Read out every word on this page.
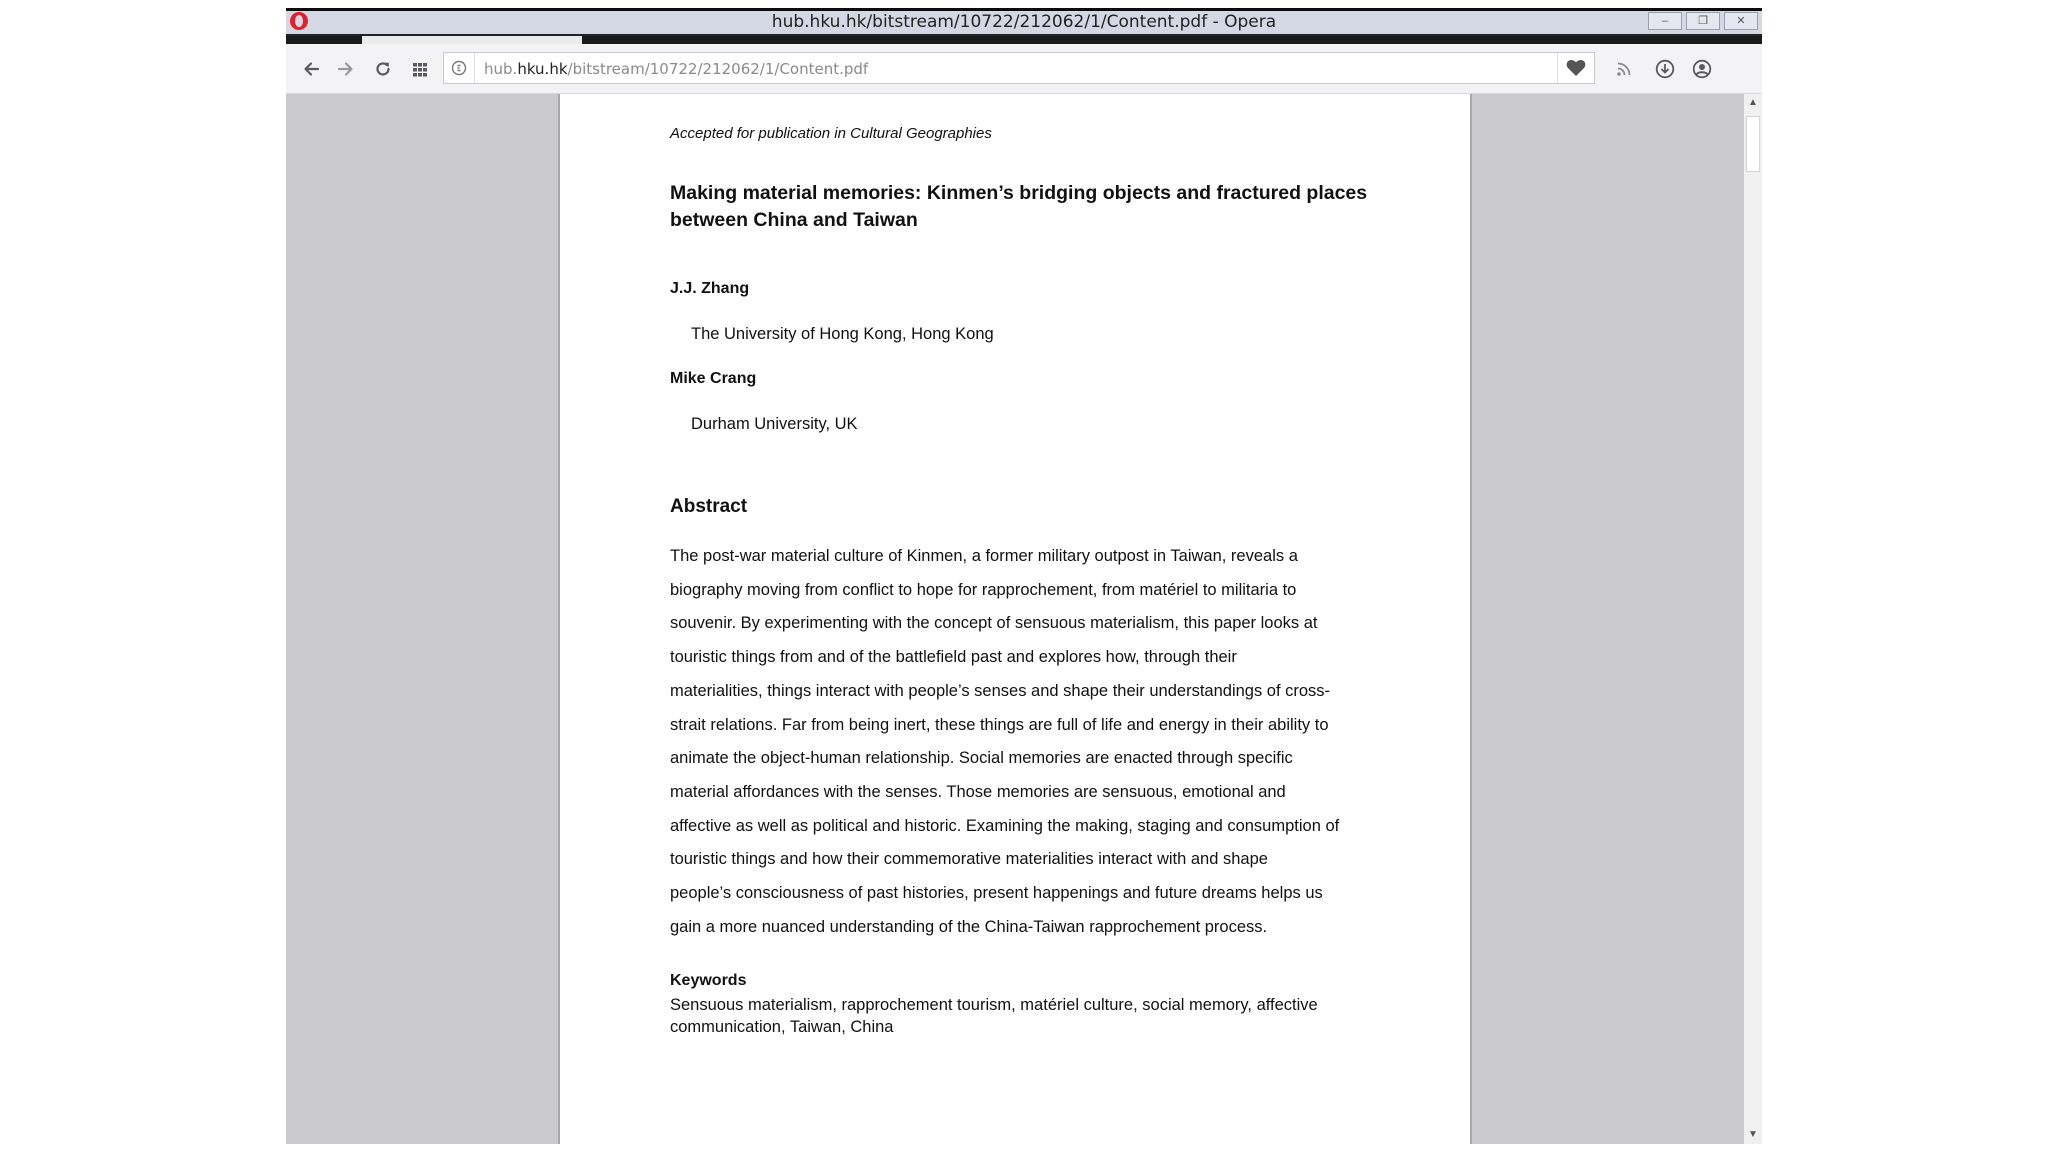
hub.hku.hk/bitstream/10722/212062/1/Content.pdf - Opera	–	❐	✕
hub.hku.hk/bitstream/10722/212062/1/Content.pdf
Accepted for publication in Cultural Geographies
Making material memories: Kinmen’s bridging objects and fractured places
between China and Taiwan
J.J. Zhang
The University of Hong Kong, Hong Kong
Mike Crang
Durham University, UK
Abstract
The post-war material culture of Kinmen, a former military outpost in Taiwan, reveals a
biography moving from conflict to hope for rapprochement, from matériel to militaria to
souvenir. By experimenting with the concept of sensuous materialism, this paper looks at
touristic things from and of the battlefield past and explores how, through their
materialities, things interact with people’s senses and shape their understandings of cross-
strait relations. Far from being inert, these things are full of life and energy in their ability to
animate the object-human relationship. Social memories are enacted through specific
material affordances with the senses. Those memories are sensuous, emotional and
affective as well as political and historic. Examining the making, staging and consumption of
touristic things and how their commemorative materialities interact with and shape
people’s consciousness of past histories, present happenings and future dreams helps us
gain a more nuanced understanding of the China-Taiwan rapprochement process.
Keywords
Sensuous materialism, rapprochement tourism, matériel culture, social memory, affective
communication, Taiwan, China
▲
▼
